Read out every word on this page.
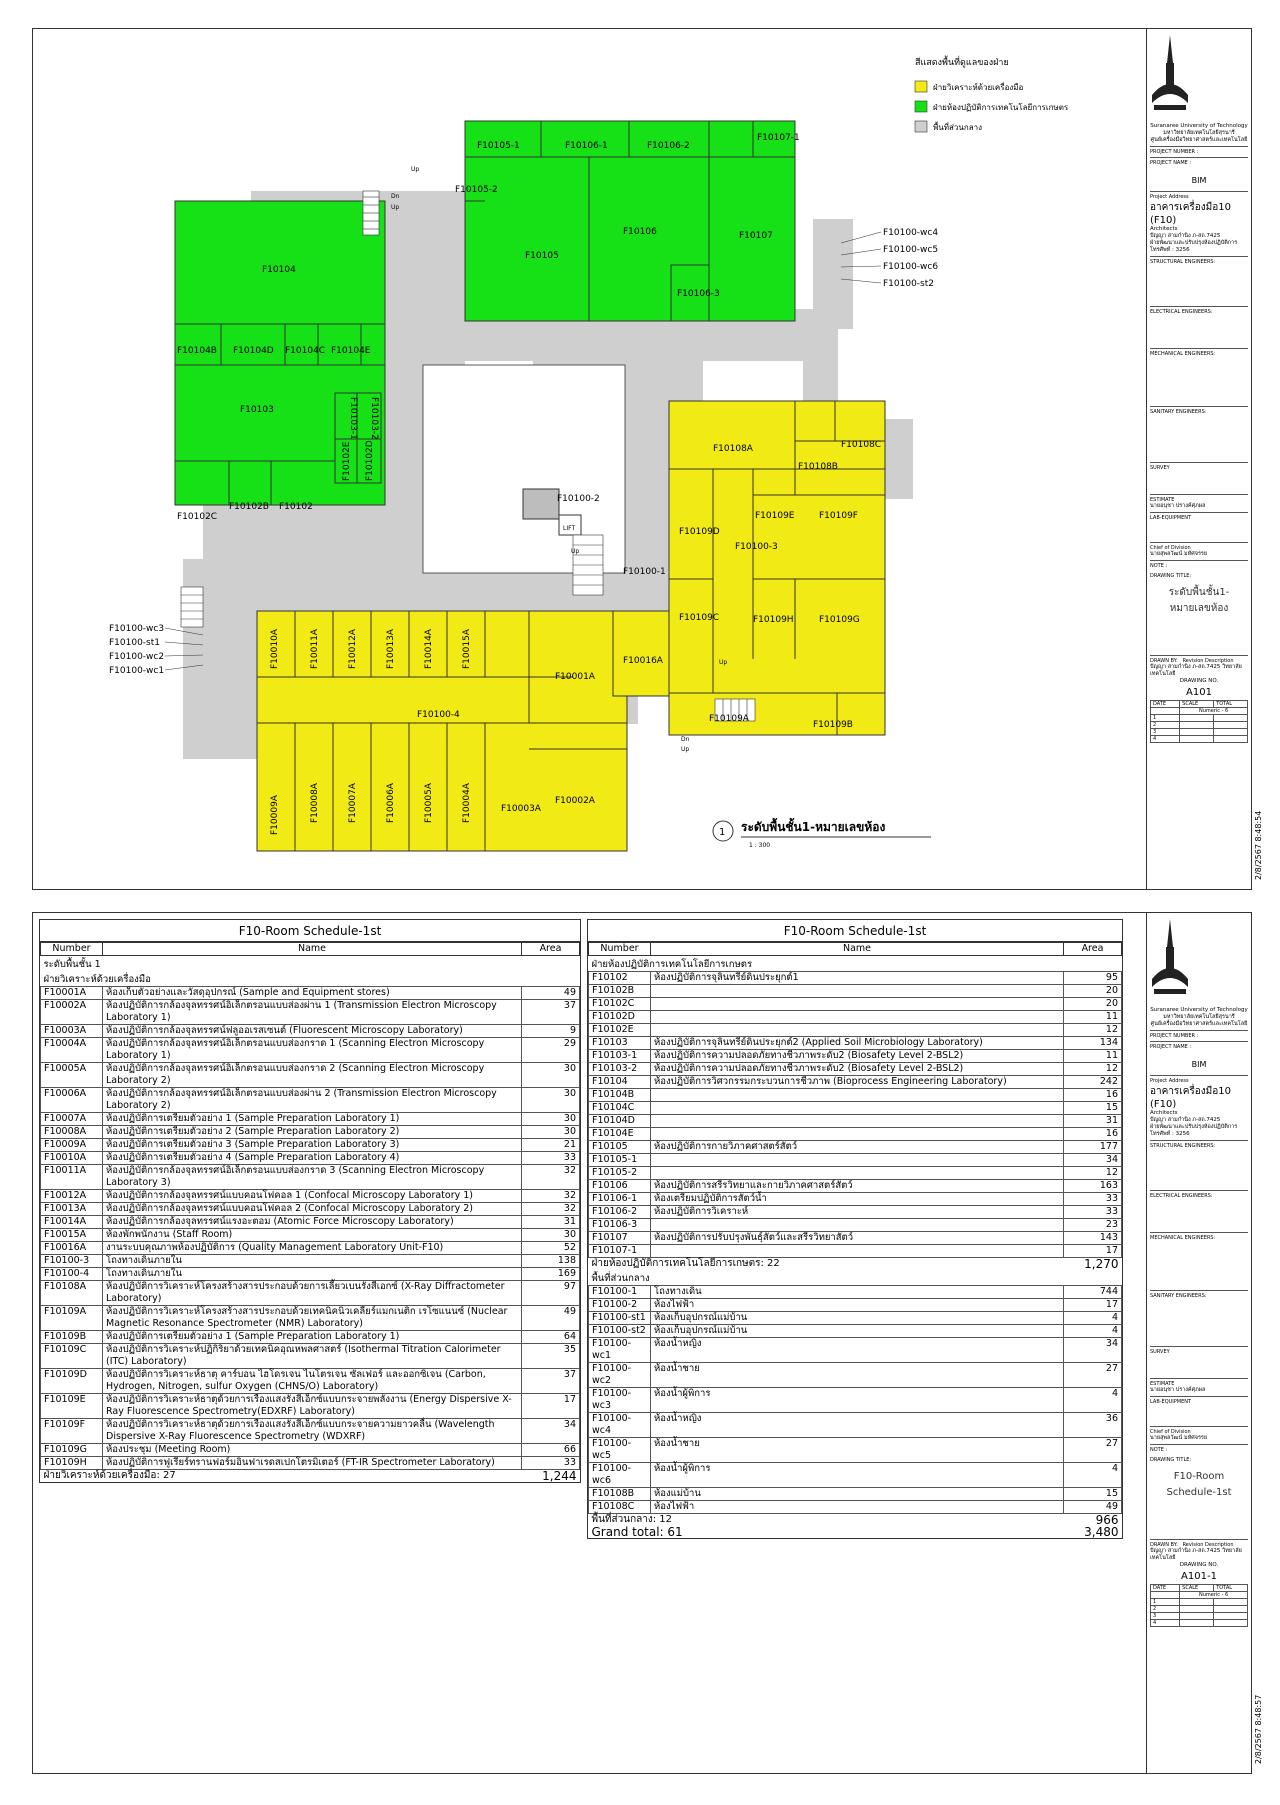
สีแสดงพื้นที่ดูแลของฝ่าย
ฝ่ายวิเคราะห์ด้วยเครื่องมือ
ฝ่ายห้องปฏิบัติการเทคโนโลยีการเกษตร
พื้นที่ส่วนกลาง
F10105-1	F10106-1	F10106-2
F10107-1
F10105-2
F10105
F10106	F10107
F10106-3
F10104
F10104B F10104D F10104C F10104E
F10103	F10103-1 F10103-2
F10102E F10102D
F10102C
F10102B F10102
F10108A	F10108C
F10108B
F10109E	F10109F
F10109D
F10100-3
F10100-2
F10100-1
F10109C	F10109H	F10109G
F10016A
F10109A
F10109B
F10010A	F10011A	F10012A	F10013A	F10014A	F10015A
F10001A
F10100-4
F10009A	F10008A	F10007A	F10006A	F10005A	F10004A	F10003A
F10002A
F10100-wc4
F10100-wc5
F10100-wc6
F10100-st2
F10100-wc3
F10100-st1
F10100-wc2
F10100-wc1
LIFT
Up
Up
Up
Up
Up
Dn
Dn
1 ระดับพื้นชั้น1-หมายเลขห้อง
1 : 300
Suranaree University of Technology
มหาวิทยาลัยเทคโนโลยีสุรนารี
ศูนย์เครื่องมือวิทยาศาสตร์และเทคโนโลยี
PROJECT NUMBER :
PROJECT NAME :
BIM
Project Address
อาคารเครื่องมือ10 (F10)
Architects
ปัญญา สามกำนิง ภ-สถ.7425
ฝ่ายพัฒนาและปรับปรุงห้องปฏิบัติการ
โทรศัพท์ : 3256
STRUCTURAL ENGINEERS:
ELECTRICAL ENGINEERS:
MECHANICAL ENGINEERS:
SANITARY ENGINEERS:
SURVEY
ESTIMATE
นายอนุชา ปรางค์ศุภผล
LAB-EQUIPMENT
Chief of Division
นายสุพลวัฒน์ มหัศจรรย
NOTE :
DRAWING TITLE:
ระดับพื้นชั้น1-
หมายเลขห้อง
DRAWN BY: Revision Description
ปัญญา สามกำนิง ภ-สถ.7425 วิทยาลัยเทคโนโลยี
DRAWING NO.
A101
DATE	SCALE	TOTAL
	Numeric - 6	
1		
2		
3		
4		
2/8/2567 8:48:54
F10-Room Schedule-1st
Number	Name	Area
ระดับพื้นชั้น 1		
ฝ่ายวิเคราะห์ด้วยเครื่องมือ		
F10001A	ห้องเก็บตัวอย่างและวัสดุอุปกรณ์ (Sample and Equipment stores)	49
F10002A	ห้องปฏิบัติการกล้องจุลทรรศน์อิเล็กตรอนแบบส่องผ่าน 1 (Transmission Electron Microscopy Laboratory 1)	37
F10003A	ห้องปฏิบัติการกล้องจุลทรรศน์ฟลูออเรสเซนต์ (Fluorescent Microscopy Laboratory)	9
F10004A	ห้องปฏิบัติการกล้องจุลทรรศน์อิเล็กตรอนแบบส่องกราด 1 (Scanning Electron Microscopy Laboratory 1)	29
F10005A	ห้องปฏิบัติการกล้องจุลทรรศน์อิเล็กตรอนแบบส่องกราด 2 (Scanning Electron Microscopy Laboratory 2)	30
F10006A	ห้องปฏิบัติการกล้องจุลทรรศน์อิเล็กตรอนแบบส่องผ่าน 2 (Transmission Electron Microscopy Laboratory 2)	30
F10007A	ห้องปฏิบัติการเตรียมตัวอย่าง 1 (Sample Preparation Laboratory 1)	30
F10008A	ห้องปฏิบัติการเตรียมตัวอย่าง 2 (Sample Preparation Laboratory 2)	30
F10009A	ห้องปฏิบัติการเตรียมตัวอย่าง 3 (Sample Preparation Laboratory 3)	21
F10010A	ห้องปฏิบัติการเตรียมตัวอย่าง 4 (Sample Preparation Laboratory 4)	33
F10011A	ห้องปฏิบัติการกล้องจุลทรรศน์อิเล็กตรอนแบบส่องกราด 3 (Scanning Electron Microscopy Laboratory 3)	32
F10012A	ห้องปฏิบัติการกล้องจุลทรรศน์แบบคอนโฟคอล 1 (Confocal Microscopy Laboratory 1)	32
F10013A	ห้องปฏิบัติการกล้องจุลทรรศน์แบบคอนโฟคอล 2 (Confocal Microscopy Laboratory 2)	32
F10014A	ห้องปฏิบัติการกล้องจุลทรรศน์แรงอะตอม (Atomic Force Microscopy Laboratory)	31
F10015A	ห้องพักพนักงาน (Staff Room)	30
F10016A	งานระบบคุณภาพห้องปฏิบัติการ (Quality Management Laboratory Unit-F10)	52
F10100-3	โถงทางเดินภายใน	138
F10100-4	โถงทางเดินภายใน	169
F10108A	ห้องปฏิบัติการวิเคราะห์โครงสร้างสารประกอบด้วยการเลี้ยวเบนรังสีเอกซ์ (X-Ray Diffractometer Laboratory)	97
F10109A	ห้องปฏิบัติการวิเคราะห์โครงสร้างสารประกอบด้วยเทคนิคนิวเคลียร์แมกเนติก เรโซแนนซ์ (Nuclear Magnetic Resonance Spectrometer (NMR) Laboratory)	49
F10109B	ห้องปฏิบัติการเตรียมตัวอย่าง 1 (Sample Preparation Laboratory 1)	64
F10109C	ห้องปฏิบัติการวิเคราะห์ปฏิกิริยาด้วยเทคนิคอุณหพลศาสตร์ (Isothermal Titration Calorimeter (ITC) Laboratory)	35
F10109D	ห้องปฏิบัติการวิเคราะห์ธาตุ คาร์บอน ไฮโดรเจน ไนโตรเจน ซัลเฟอร์ และออกซิเจน (Carbon, Hydrogen, Nitrogen, sulfur Oxygen (CHNS/O) Laboratory)	37
F10109E	ห้องปฏิบัติการวิเคราะห์ธาตุด้วยการเรืองแสงรังสีเอ็กซ์แบบกระจายพลังงาน (Energy Dispersive X-Ray Fluorescence Spectrometry(EDXRF) Laboratory)	17
F10109F	ห้องปฏิบัติการวิเคราะห์ธาตุด้วยการเรืองแสงรังสีเอ็กซ์แบบกระจายความยาวคลื่น (Wavelength Dispersive X-Ray Fluorescence Spectrometry (WDXRF)	34
F10109G	ห้องประชุม (Meeting Room)	66
F10109H	ห้องปฏิบัติการฟูเรียร์ทรานฟอร์มอินฟาเรดสเปกโตรมิเตอร์ (FT-IR Spectrometer Laboratory)	33
ฝ่ายวิเคราะห์ด้วยเครื่องมือ: 27		1,244
F10-Room Schedule-1st
Number	Name	Area
ฝ่ายห้องปฏิบัติการเทคโนโลยีการเกษตร		
F10102	ห้องปฏิบัติการจุลินทรีย์ดินประยุกต์1	95
F10102B		20
F10102C		20
F10102D		11
F10102E		12
F10103	ห้องปฏิบัติการจุลินทรีย์ดินประยุกต์2 (Applied Soil Microbiology Laboratory)	134
F10103-1	ห้องปฏิบัติการความปลอดภัยทางชีวภาพระดับ2 (Biosafety Level 2-BSL2)	11
F10103-2	ห้องปฏิบัติการความปลอดภัยทางชีวภาพระดับ2 (Biosafety Level 2-BSL2)	12
F10104	ห้องปฏิบัติการวิศวกรรมกระบวนการชีวภาพ (Bioprocess Engineering Laboratory)	242
F10104B		16
F10104C		15
F10104D		31
F10104E		16
F10105	ห้องปฏิบัติการกายวิภาคศาสตร์สัตว์	177
F10105-1		34
F10105-2		12
F10106	ห้องปฏิบัติการสรีรวิทยาและกายวิภาคศาสตร์สัตว์	163
F10106-1	ห้องเตรียมปฏิบัติการสัตว์น้ำ	33
F10106-2	ห้องปฏิบัติการวิเคราะห์	33
F10106-3		23
F10107	ห้องปฏิบัติการปรับปรุงพันธุ์สัตว์และสรีรวิทยาสัตว์	143
F10107-1		17
ฝ่ายห้องปฏิบัติการเทคโนโลยีการเกษตร: 22		1,270
พื้นที่ส่วนกลาง		
F10100-1	โถงทางเดิน	744
F10100-2	ห้องไฟฟ้า	17
F10100-st1	ห้องเก็บอุปกรณ์แม่บ้าน	4
F10100-st2	ห้องเก็บอุปกรณ์แม่บ้าน	4
F10100-wc1	ห้องน้ำหญิง	34
F10100-wc2	ห้องน้ำชาย	27
F10100-wc3	ห้องน้ำผู้พิการ	4
F10100-wc4	ห้องน้ำหญิง	36
F10100-wc5	ห้องน้ำชาย	27
F10100-wc6	ห้องน้ำผู้พิการ	4
F10108B	ห้องแม่บ้าน	15
F10108C	ห้องไฟฟ้า	49
พื้นที่ส่วนกลาง: 12		966
Grand total: 61		3,480
Suranaree University of Technology
มหาวิทยาลัยเทคโนโลยีสุรนารี
ศูนย์เครื่องมือวิทยาศาสตร์และเทคโนโลยี
PROJECT NUMBER :
PROJECT NAME :
BIM
Project Address
อาคารเครื่องมือ10 (F10)
Architects
ปัญญา สามกำนิง ภ-สถ.7425
ฝ่ายพัฒนาและปรับปรุงห้องปฏิบัติการ
โทรศัพท์ : 3256
STRUCTURAL ENGINEERS:
ELECTRICAL ENGINEERS:
MECHANICAL ENGINEERS:
SANITARY ENGINEERS:
SURVEY
ESTIMATE
นายอนุชา ปรางค์ศุภผล
LAB-EQUIPMENT
Chief of Division
นายสุพลวัฒน์ มหัศจรรย
NOTE :
DRAWING TITLE:
F10-Room
Schedule-1st
DRAWN BY: Revision Description
ปัญญา สามกำนิง ภ-สถ.7425 วิทยาลัยเทคโนโลยี
DRAWING NO.
A101-1
DATE	SCALE	TOTAL
	Numeric - 6	
1		
2		
3		
4		
2/8/2567 8:48:57
